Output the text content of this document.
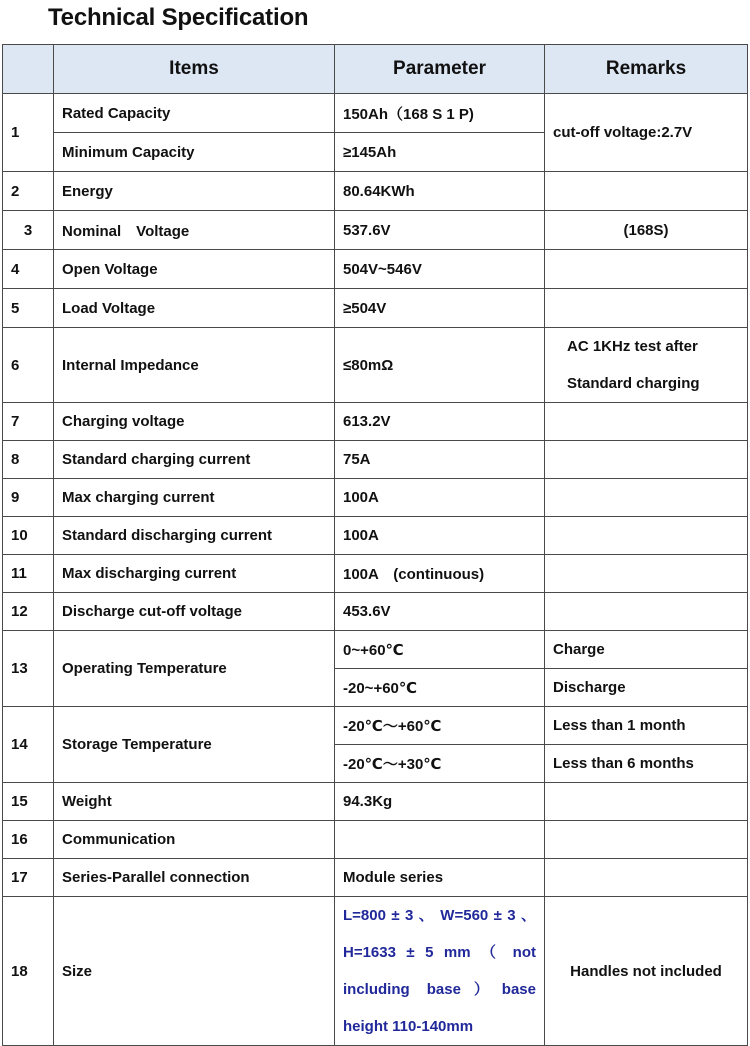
Technical Specification
	Items	Parameter	Remarks
1	Rated Capacity	150Ah（168 S 1 P)	cut-off voltage:2.7V
	Minimum Capacity	≥145Ah	
2	Energy	80.64KWh	
3	Nominal　Voltage	537.6V	(168S)
4	Open Voltage	504V~546V	
5	Load Voltage	≥504V	
6	Internal Impedance	≤80mΩ	AC 1KHz test after
Standard charging

7	Charging voltage	613.2V	
8	Standard charging current	75A	
9	Max charging current	100A	
10	Standard discharging current	100A	
11	Max discharging current	100A　(continuous)	
12	Discharge cut-off voltage	453.6V	
13	Operating Temperature	0~+60℃	Charge
		-20~+60℃	Discharge
14	Storage Temperature	-20℃～+60℃	Less than 1 month
		-20℃～+30℃	Less than 6 months
15	Weight	94.3Kg	
16	Communication		
17	Series-Parallel connection	Module series	
18	Size	L=800 ± 3 、 W=560 ± 3 、 H=1633 ± 5 mm （ not including base）base height 110-140mm	Handles not included
